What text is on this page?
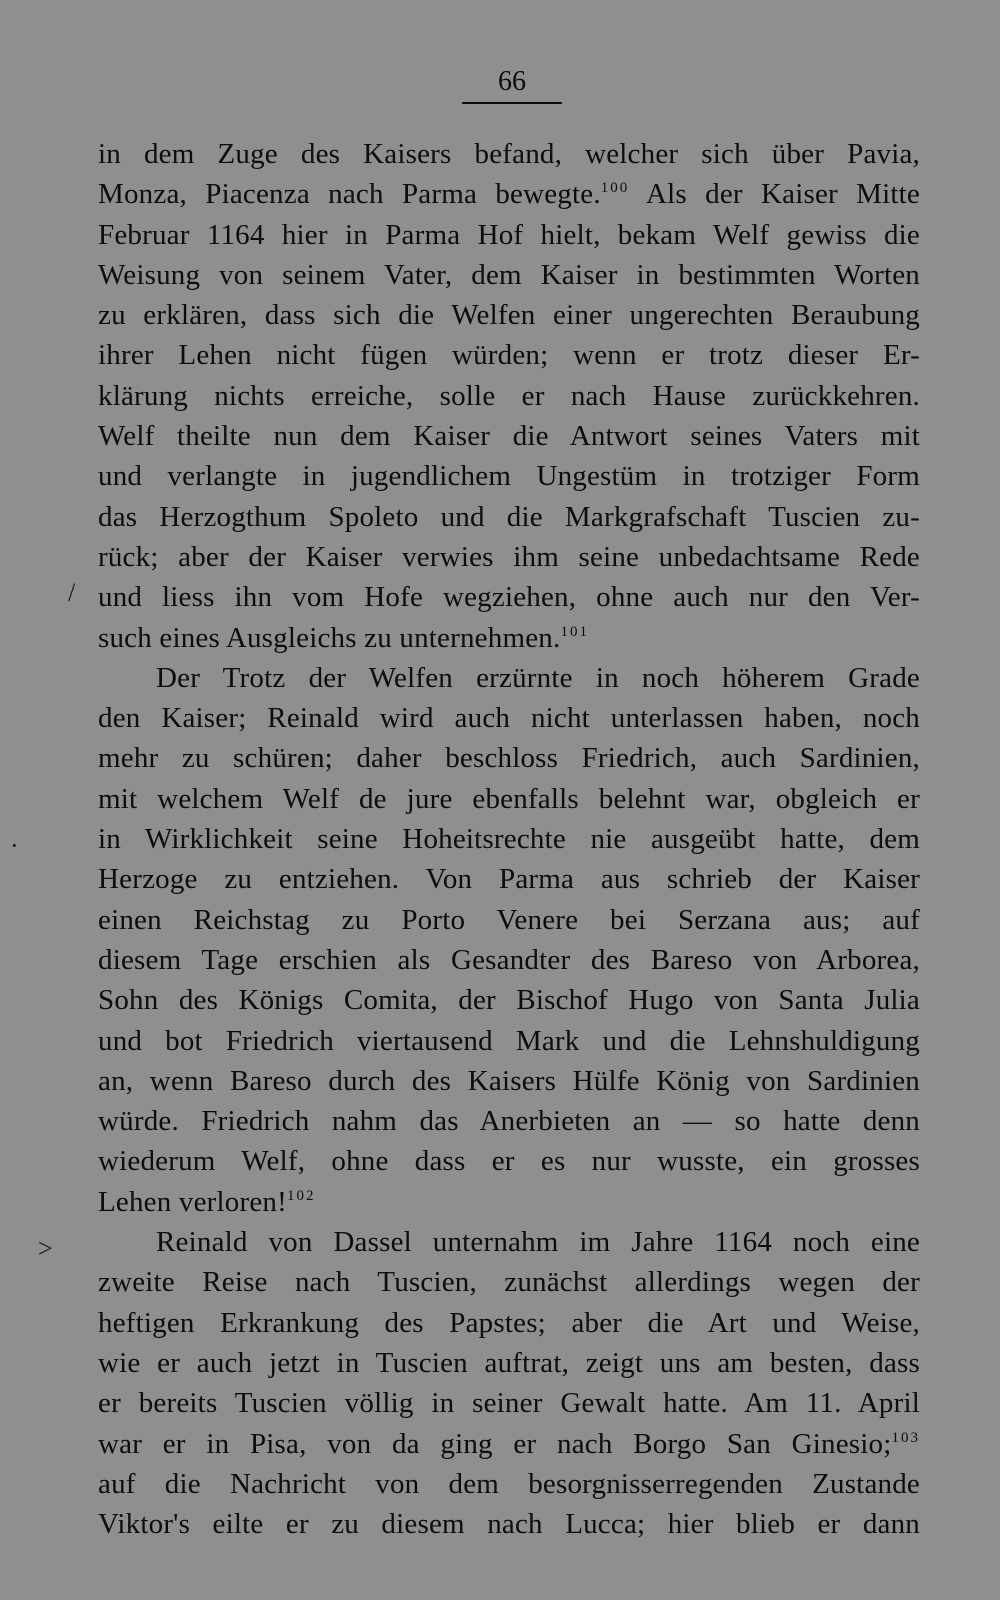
66
/
·
>
in dem Zuge des Kaisers befand, welcher sich über Pavia,
Monza, Piacenza nach Parma bewegte.$^{100}$ Als der Kaiser Mitte
Februar 1164 hier in Parma Hof hielt, bekam Welf gewiss die
Weisung von seinem Vater, dem Kaiser in bestimmten Worten
zu erklären, dass sich die Welfen einer ungerechten Beraubung
ihrer Lehen nicht fügen würden; wenn er trotz dieser Er-
klärung nichts erreiche, solle er nach Hause zurückkehren.
Welf theilte nun dem Kaiser die Antwort seines Vaters mit
und verlangte in jugendlichem Ungestüm in trotziger Form
das Herzogthum Spoleto und die Markgrafschaft Tuscien zu-
rück; aber der Kaiser verwies ihm seine unbedachtsame Rede
und liess ihn vom Hofe wegziehen, ohne auch nur den Ver-
such eines Ausgleichs zu unternehmen.$^{101}$
Der Trotz der Welfen erzürnte in noch höherem Grade
den Kaiser; Reinald wird auch nicht unterlassen haben, noch
mehr zu schüren; daher beschloss Friedrich, auch Sardinien,
mit welchem Welf de jure ebenfalls belehnt war, obgleich er
in Wirklichkeit seine Hoheitsrechte nie ausgeübt hatte, dem
Herzoge zu entziehen. Von Parma aus schrieb der Kaiser
einen Reichstag zu Porto Venere bei Serzana aus; auf
diesem Tage erschien als Gesandter des Bareso von Arborea,
Sohn des Königs Comita, der Bischof Hugo von Santa Julia
und bot Friedrich viertausend Mark und die Lehnshuldigung
an, wenn Bareso durch des Kaisers Hülfe König von Sardinien
würde. Friedrich nahm das Anerbieten an — so hatte denn
wiederum Welf, ohne dass er es nur wusste, ein grosses
Lehen verloren!$^{102}$
Reinald von Dassel unternahm im Jahre 1164 noch eine
zweite Reise nach Tuscien, zunächst allerdings wegen der
heftigen Erkrankung des Papstes; aber die Art und Weise,
wie er auch jetzt in Tuscien auftrat, zeigt uns am besten, dass
er bereits Tuscien völlig in seiner Gewalt hatte. Am 11. April
war er in Pisa, von da ging er nach Borgo San Ginesio;$^{103}$
auf die Nachricht von dem besorgnisserregenden Zustande
Viktor's eilte er zu diesem nach Lucca; hier blieb er dann
